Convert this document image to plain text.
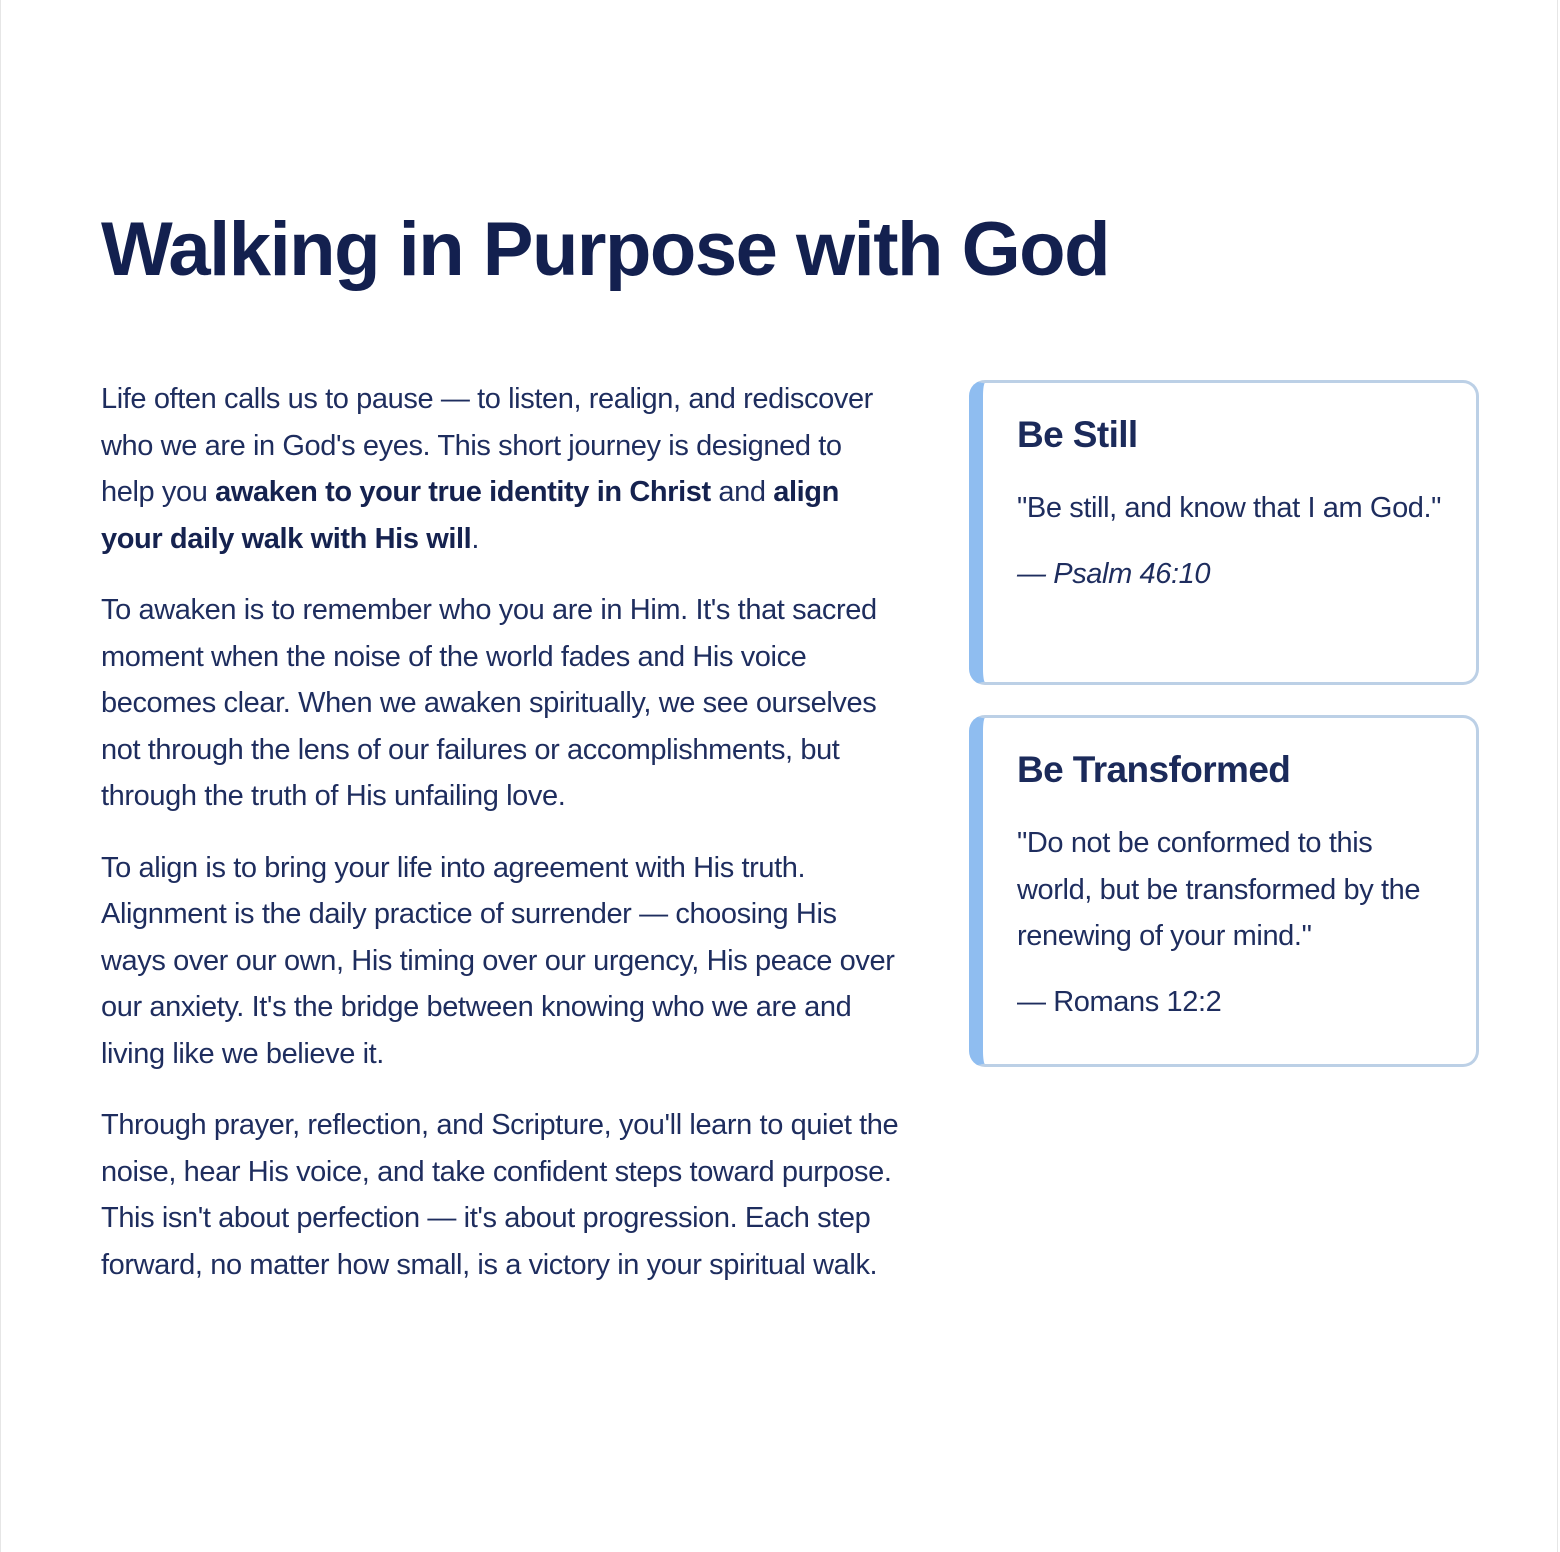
Walking in Purpose with God

Life often calls us to pause — to listen, realign, and rediscover who we are in God's eyes. This short journey is designed to help you awaken to your true identity in Christ and align your daily walk with His will.

To awaken is to remember who you are in Him. It's that sacred moment when the noise of the world fades and His voice becomes clear. When we awaken spiritually, we see ourselves not through the lens of our failures or accomplishments, but through the truth of His unfailing love.

To align is to bring your life into agreement with His truth. Alignment is the daily practice of surrender — choosing His ways over our own, His timing over our urgency, His peace over our anxiety. It's the bridge between knowing who we are and living like we believe it.

Through prayer, reflection, and Scripture, you'll learn to quiet the noise, hear His voice, and take confident steps toward purpose. This isn't about perfection — it's about progression. Each step forward, no matter how small, is a victory in your spiritual walk.

Be Still

"Be still, and know that I am God."

— Psalm 46:10

Be Transformed

"Do not be conformed to this world, but be transformed by the renewing of your mind."

— Romans 12:2
